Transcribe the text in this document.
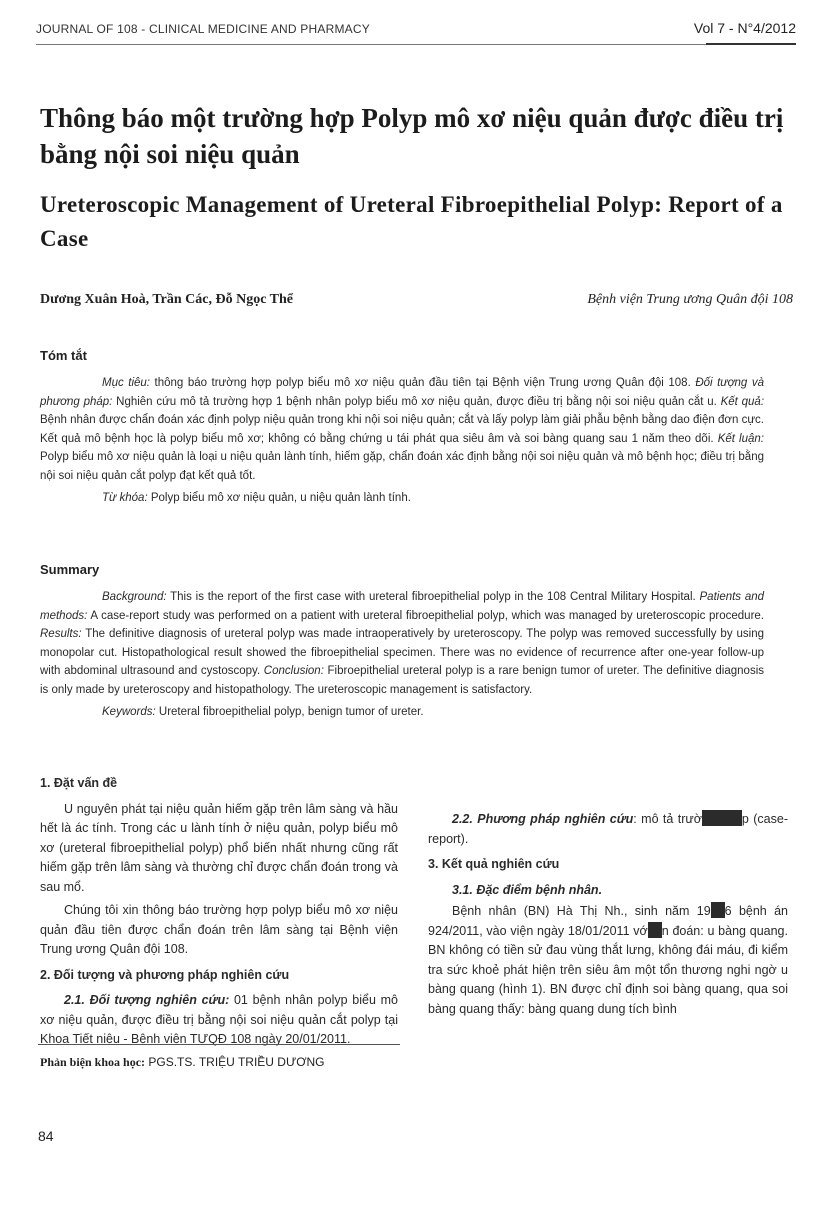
JOURNAL OF 108 - CLINICAL MEDICINE AND PHARMACY	Vol 7 - N°4/2012
Thông báo một trường hợp Polyp mô xơ niệu quản được điều trị bằng nội soi niệu quản
Ureteroscopic Management of Ureteral Fibroepithelial Polyp: Report of a Case
Dương Xuân Hoà, Trần Các, Đỗ Ngọc Thể	Bệnh viện Trung ương Quân đội 108
Tóm tắt

Mục tiêu: thông báo trường hợp polyp biểu mô xơ niệu quản đầu tiên tại Bệnh viện Trung ương Quân đội 108. Đối tượng và phương pháp: Nghiên cứu mô tả trường hợp 1 bệnh nhân polyp biểu mô xơ niệu quản, được điều trị bằng nội soi niệu quản cắt u. Kết quả: Bệnh nhân được chẩn đoán xác định polyp niệu quản trong khi nội soi niệu quản; cắt và lấy polyp làm giải phẫu bệnh bằng dao điện đơn cực. Kết quả mô bệnh học là polyp biểu mô xơ; không có bằng chứng u tái phát qua siêu âm và soi bàng quang sau 1 năm theo dõi. Kết luận: Polyp biểu mô xơ niệu quản là loại u niệu quản lành tính, hiếm gặp, chẩn đoán xác định bằng nội soi niệu quản và mô bệnh học; điều trị bằng nội soi niệu quản cắt polyp đạt kết quả tốt.

Từ khóa: Polyp biểu mô xơ niệu quản, u niệu quản lành tính.

Summary

Background: This is the report of the first case with ureteral fibroepithelial polyp in the 108 Central Military Hospital. Patients and methods: A case-report study was performed on a patient with ureteral fibroepithelial polyp, which was managed by ureteroscopic procedure. Results: The definitive diagnosis of ureteral polyp was made intraoperatively by ureteroscopy. The polyp was removed successfully by using monopolar cut. Histopathological result showed the fibroepithelial specimen. There was no evidence of recurrence after one-year follow-up with abdominal ultrasound and cystoscopy. Conclusion: Fibroepithelial ureteral polyp is a rare benign tumor of ureter. The definitive diagnosis is only made by ureteroscopy and histopathology. The ureteroscopic management is satisfactory.

Keywords: Ureteral fibroepithelial polyp, benign tumor of ureter.

1. Đặt vấn đề

U nguyên phát tại niệu quản hiếm gặp trên lâm sàng và hầu hết là ác tính. Trong các u lành tính ở niệu quản, polyp biểu mô xơ (ureteral fibroepithelial polyp) phổ biến nhất nhưng cũng rất hiếm gặp trên lâm sàng và thường chỉ được chẩn đoán trong và sau mổ.

Chúng tôi xin thông báo trường hợp polyp biểu mô xơ niệu quản đầu tiên được chẩn đoán trên lâm sàng tại Bệnh viện Trung ương Quân đội 108.

2. Đối tượng và phương pháp nghiên cứu

2.1. Đối tượng nghiên cứu: 01 bệnh nhân polyp biểu mô xơ niệu quản, được điều trị bằng nội soi niệu quản cắt polyp tại Khoa Tiết niệu - Bệnh viện TƯQĐ 108 ngày 20/01/2011.

2.2. Phương pháp nghiên cứu: mô tả trườ	p (case-report).

3. Kết quả nghiên cứu

3.1. Đặc điểm bệnh nhân.

Bệnh nhân (BN) Hà Thị Nh., sinh năm 19 6 bệnh án 924/2011, vào viện ngày 18/01/2011 vớ n đoán: u bàng quang. BN không có tiền sử đau vùng thắt lưng, không đái máu, đi kiểm tra sức khoẻ phát hiện trên siêu âm một tổn thương nghi ngờ u bàng quang (hình 1). BN được chỉ định soi bàng quang, qua soi bàng quang thấy: bàng quang dung tích bình

Phản biện khoa học: PGS.TS. TRIỆU TRIỀU DƯƠNG
84
